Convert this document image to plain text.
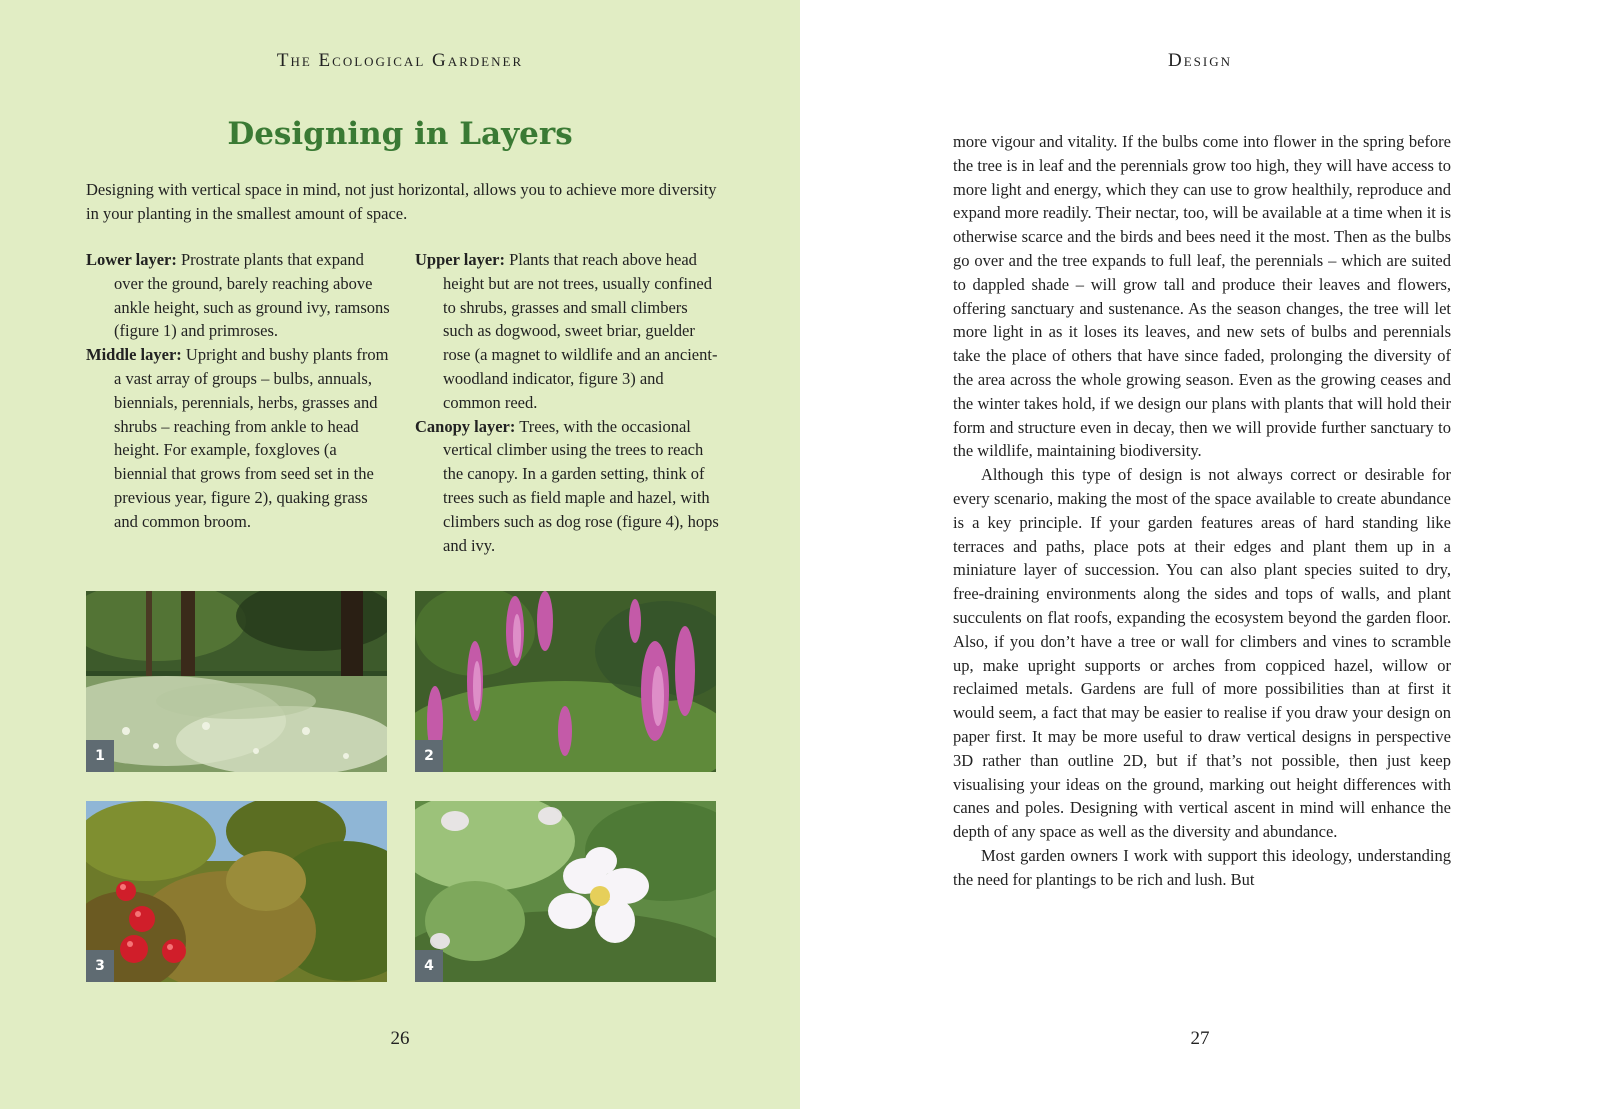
The Ecological Gardener
Designing in Layers

Designing with vertical space in mind, not just horizontal, allows you to achieve more diversity in your planting in the smallest amount of space.

Lower layer: Prostrate plants that expand over the ground, barely reaching above ankle height, such as ground ivy, ramsons (figure 1) and primroses.

Middle layer: Upright and bushy plants from a vast array of groups – bulbs, annuals, biennials, perennials, herbs, grasses and shrubs – reaching from ankle to head height. For example, foxgloves (a biennial that grows from seed set in the previous year, figure 2), quaking grass and common broom.

Upper layer: Plants that reach above head height but are not trees, usually confined to shrubs, grasses and small climbers such as dogwood, sweet briar, guelder rose (a magnet to wildlife and an ancient-woodland indicator, figure 3) and common reed.

Canopy layer: Trees, with the occasional vertical climber using the trees to reach the canopy. In a garden setting, think of trees such as field maple and hazel, with climbers such as dog rose (figure 4), hops and ivy.

1	2
3	4
26
Design

more vigour and vitality. If the bulbs come into flower in the spring before the tree is in leaf and the perennials grow too high, they will have access to more light and energy, which they can use to grow healthily, reproduce and expand more readily. Their nectar, too, will be available at a time when it is otherwise scarce and the birds and bees need it the most. Then as the bulbs go over and the tree expands to full leaf, the perennials – which are suited to dappled shade – will grow tall and produce their leaves and flowers, offering sanctuary and sustenance. As the season changes, the tree will let more light in as it loses its leaves, and new sets of bulbs and perennials take the place of others that have since faded, prolonging the diversity of the area across the whole growing season. Even as the growing ceases and the winter takes hold, if we design our plans with plants that will hold their form and structure even in decay, then we will provide further sanctuary to the wildlife, maintaining biodiversity.

Although this type of design is not always correct or desirable for every scenario, making the most of the space available to create abundance is a key principle. If your garden features areas of hard standing like terraces and paths, place pots at their edges and plant them up in a miniature layer of succession. You can also plant species suited to dry, free-draining environments along the sides and tops of walls, and plant succulents on flat roofs, expanding the ecosystem beyond the garden floor. Also, if you don’t have a tree or wall for climbers and vines to scramble up, make upright supports or arches from coppiced hazel, willow or reclaimed metals. Gardens are full of more possibilities than at first it would seem, a fact that may be easier to realise if you draw your design on paper first. It may be more useful to draw vertical designs in perspective 3D rather than outline 2D, but if that’s not possible, then just keep visualising your ideas on the ground, marking out height differences with canes and poles. Designing with vertical ascent in mind will enhance the depth of any space as well as the diversity and abundance.

Most garden owners I work with support this ideology, understanding the need for plantings to be rich and lush. But

27
